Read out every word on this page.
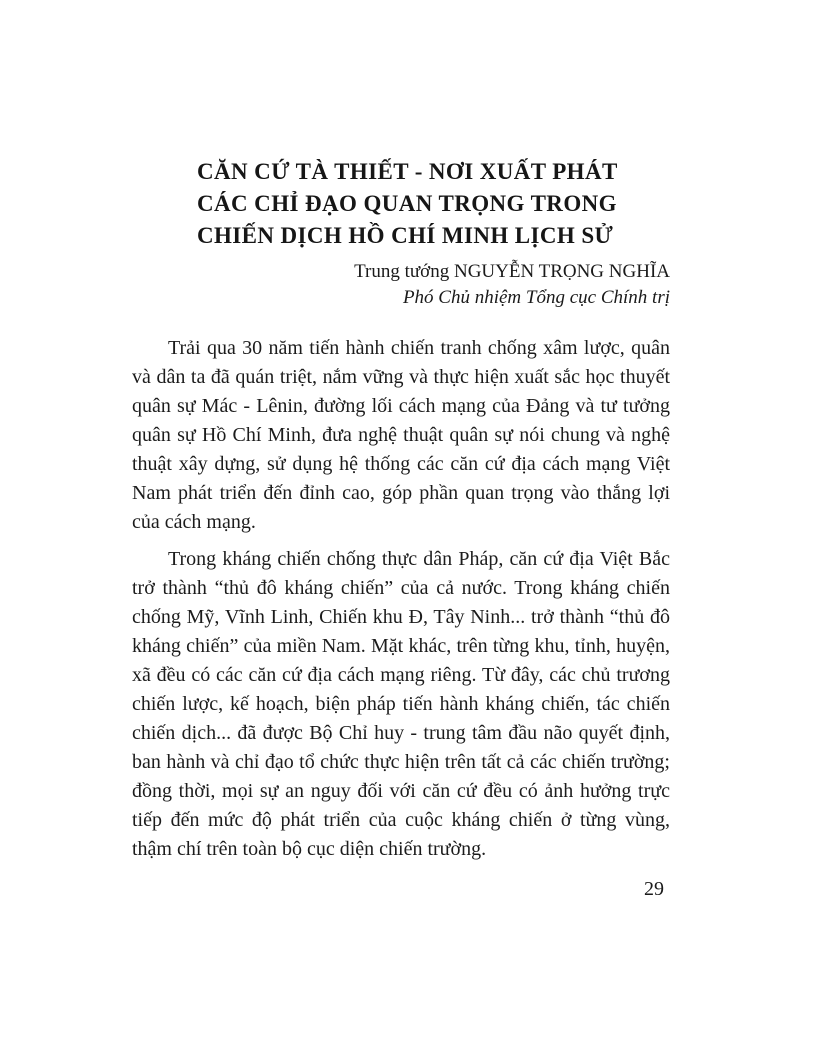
CĂN CỨ TÀ THIẾT - NƠI XUẤT PHÁT
CÁC CHỈ ĐẠO QUAN TRỌNG TRONG
CHIẾN DỊCH HỒ CHÍ MINH LỊCH SỬ
Trung tướng NGUYỄN TRỌNG NGHĨA
Phó Chủ nhiệm Tổng cục Chính trị

Trải qua 30 năm tiến hành chiến tranh chống xâm lược, quân và dân ta đã quán triệt, nắm vững và thực hiện xuất sắc học thuyết quân sự Mác - Lênin, đường lối cách mạng của Đảng và tư tưởng quân sự Hồ Chí Minh, đưa nghệ thuật quân sự nói chung và nghệ thuật xây dựng, sử dụng hệ thống các căn cứ địa cách mạng Việt Nam phát triển đến đỉnh cao, góp phần quan trọng vào thắng lợi của cách mạng.

Trong kháng chiến chống thực dân Pháp, căn cứ địa Việt Bắc trở thành “thủ đô kháng chiến” của cả nước. Trong kháng chiến chống Mỹ, Vĩnh Linh, Chiến khu Đ, Tây Ninh... trở thành “thủ đô kháng chiến” của miền Nam. Mặt khác, trên từng khu, tỉnh, huyện, xã đều có các căn cứ địa cách mạng riêng. Từ đây, các chủ trương chiến lược, kế hoạch, biện pháp tiến hành kháng chiến, tác chiến chiến dịch... đã được Bộ Chỉ huy - trung tâm đầu não quyết định, ban hành và chỉ đạo tổ chức thực hiện trên tất cả các chiến trường; đồng thời, mọi sự an nguy đối với căn cứ đều có ảnh hưởng trực tiếp đến mức độ phát triển của cuộc kháng chiến ở từng vùng, thậm chí trên toàn bộ cục diện chiến trường.

29
